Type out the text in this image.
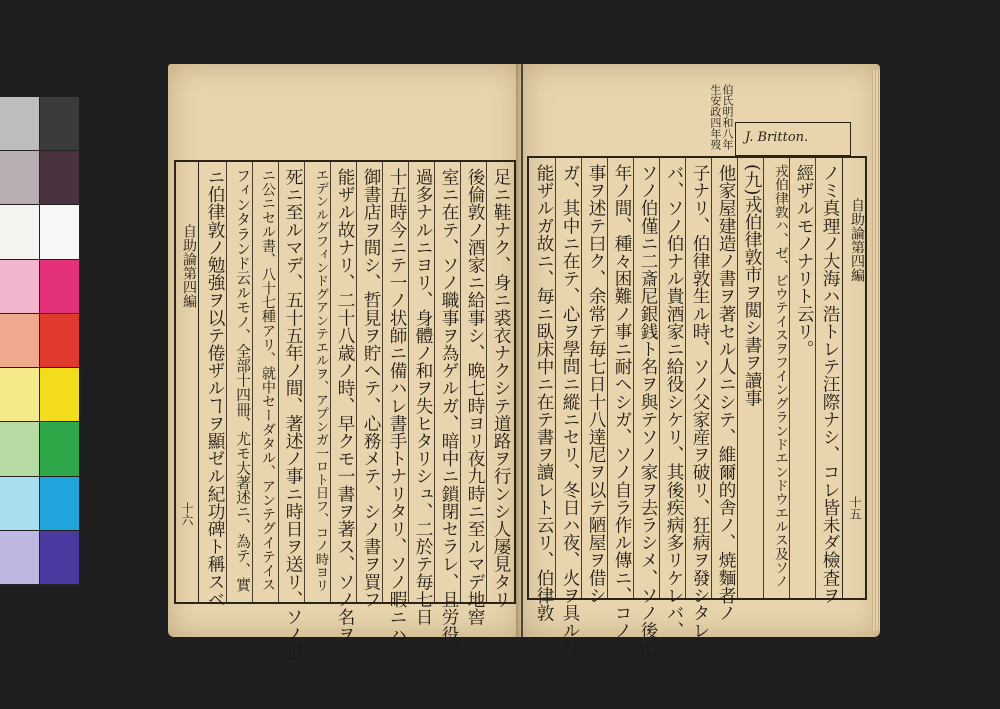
自助論第四編
十六	足ニ鞋ナク、身ニ裘衣ナクシテ道路ヲ行ンシ人屡見タリ
後倫敦ノ酒家ニ給事シ、晩七時ヨリ夜九時ニ至ルマデ地窖
室ニ在テ、ソノ職事ヲ為ゲルガ、暗中ニ鎖閉セラレ、且労役
過多ナルニヨリ、身體ノ和ヲ失ヒタリシュ、二於テ毎七日
十五時今ニテ一ノ状師ニ備ハレ書手トナリタリ、ソノ暇ニハ
御書店ヲ間シ、哲見ヲ貯ヘテ、心務メテ、シノ書ヲ買フ
能ザル故ナリ、二十八歳ノ時、早クモ一書ヲ著ス、ソノ名ヲ
エデンルグフィンドグアンテエルヲ、アプンガ一ロト日フ、コノ時ヨリ
死ニ至ルマデ、五十五年ノ間、著述ノ事ニ時日ヲ送リ、ソノ世
ニ公ニセル書、八十七種アリ、就中セーダタル、アンテグイテイス
フィンタランド云ルモノ、全部十四冊、尤モ大著述ニ、為テ、實
ニ伯律敦ノ勉強ヲ以テ倦ザルヿヲ顯ゼル紀功碑ト稱スベ
伯氏明和八年生安政四年歿	J. Britton.
ノミ真理ノ大海ハ浩トレテ汪際ナシ、コレ皆未ダ檢査ヲ
經ザルモノナリト云リ。
戎伯律敦ハ、ゼ、ビウテイスヲフイングランドエンドウエルス及ソノ
(九)戎伯律敦市ヲ閲シ書ヲ讀事
他家屋建造ノ書ヲ著セル人ニシテ、維爾的舎ノ、焼麵者ノ
子ナリ、伯律敦生ル時、ソノ父家産ヲ破リ、狂病ヲ發シタレ
バ、ソノ伯ナル貴酒家ニ給役シケリ、其後疾病多リケレバ、
ソノ伯僅ニ二斎尼銀銭ト名ヲ與テソノ家ヲ去ラシメ、ソノ後七
年ノ間、種々困難ノ事ニ耐ヘシガ、ソノ自ラ作ル傳ニ、コノ
事ヲ述テ曰ク、余常テ毎七日十八達尼ヲ以テ陋屋ヲ借シ
ガ、其中ニ在テ、心ヲ學問ニ縱ニセリ、冬日ハ夜、火ヲ具ルヿ
能ザルガ故ニ、毎ニ臥床中ニ在テ書ヲ讀レト云リ、伯律敦	自助論第四編
十五
